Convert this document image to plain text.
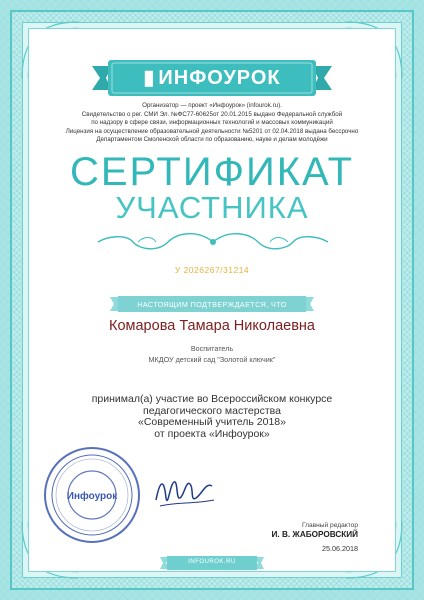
▮ ИНФОУРОК
Организатор — проект «Инфоурок» (infourok.ru).
Свидетельство о рег. СМИ Эл. №ФС77-60625от 20.01.2015 выдано Федеральной службой
по надзору в сфере связи, информационных технологий и массовых коммуникаций
Лицензия на осуществление образовательной деятельности №5201 от 02.04.2018 выдана бессрочно
Департаментом Смоленской области по образованию, науке и делам молодёжи
СЕРТИФИКАТ
УЧАСТНИКА
У 2026267/31214
НАСТОЯЩИМ ПОДТВЕРЖДАЕТСЯ, ЧТО
Комарова Тамара Николаевна
Воспитатель
МКДОУ детский сад "Золотой ключик"
принимал(а) участие во Всероссийском конкурсе
педагогического мастерства
«Современный учитель 2018»
от проекта «Инфоурок»
Инфоурок
Главный редактор
И. В. ЖАБОРОВСКИЙ
25.06.2018
INFOUROK.RU
